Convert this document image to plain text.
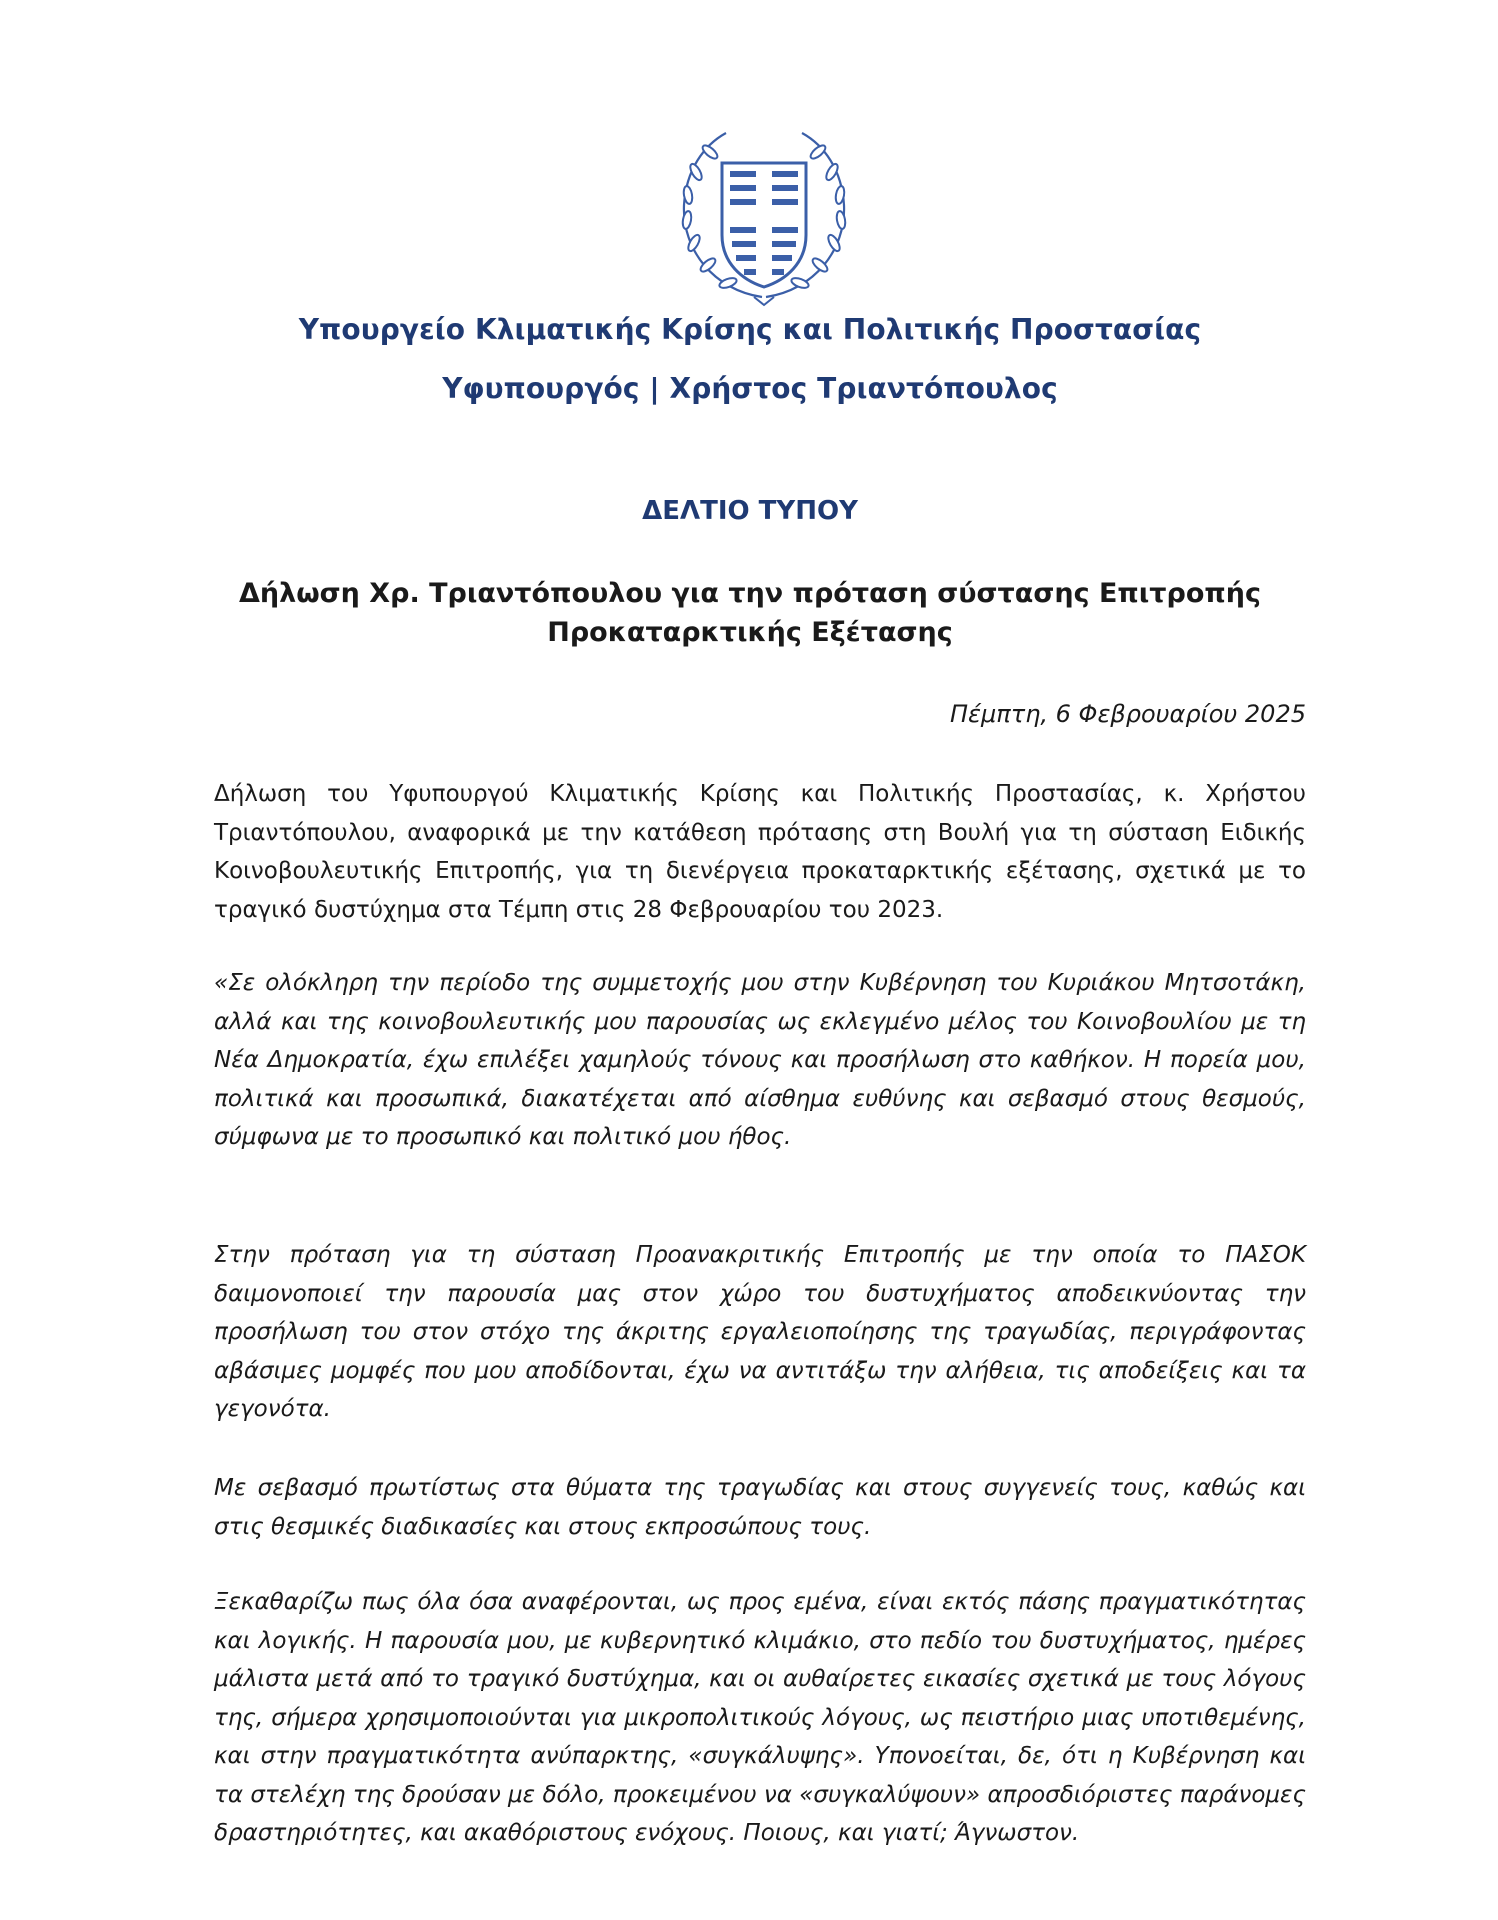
Υπουργείο Κλιματικής Κρίσης και Πολιτικής Προστασίας
Υφυπουργός | Χρήστος Τριαντόπουλος
ΔΕΛΤΙΟ ΤΥΠΟΥ
Δήλωση Χρ. Τριαντόπουλου για την πρόταση σύστασης Επιτροπής
Προκαταρκτικής Εξέτασης
Πέμπτη, 6 Φεβρουαρίου 2025
Δήλωση του Υφυπουργού Κλιματικής Κρίσης και Πολιτικής Προστασίας, κ. Χρήστου Τριαντόπουλου, αναφορικά με την κατάθεση πρότασης στη Βουλή για τη σύσταση Ειδικής Κοινοβουλευτικής Επιτροπής, για τη διενέργεια προκαταρκτικής εξέτασης, σχετικά με το τραγικό δυστύχημα στα Τέμπη στις 28 Φεβρουαρίου του 2023.
«Σε ολόκληρη την περίοδο της συμμετοχής μου στην Κυβέρνηση του Κυριάκου Μητσοτάκη, αλλά και της κοινοβουλευτικής μου παρουσίας ως εκλεγμένο μέλος του Κοινοβουλίου με τη Νέα Δημοκρατία, έχω επιλέξει χαμηλούς τόνους και προσήλωση στο καθήκον. Η πορεία μου, πολιτικά και προσωπικά, διακατέχεται από αίσθημα ευθύνης και σεβασμό στους θεσμούς, σύμφωνα με το προσωπικό και πολιτικό μου ήθος.
Στην πρόταση για τη σύσταση Προανακριτικής Επιτροπής με την οποία το ΠΑΣΟΚ δαιμονοποιεί την παρουσία μας στον χώρο του δυστυχήματος αποδεικνύοντας την προσήλωση του στον στόχο της άκριτης εργαλειοποίησης της τραγωδίας, περιγράφοντας αβάσιμες μομφές που μου αποδίδονται, έχω να αντιτάξω την αλήθεια, τις αποδείξεις και τα γεγονότα.
Με σεβασμό πρωτίστως στα θύματα της τραγωδίας και στους συγγενείς τους, καθώς και στις θεσμικές διαδικασίες και στους εκπροσώπους τους.
Ξεκαθαρίζω πως όλα όσα αναφέρονται, ως προς εμένα, είναι εκτός πάσης πραγματικότητας και λογικής. Η παρουσία μου, με κυβερνητικό κλιμάκιο, στο πεδίο του δυστυχήματος, ημέρες μάλιστα μετά από το τραγικό δυστύχημα, και οι αυθαίρετες εικασίες σχετικά με τους λόγους της, σήμερα χρησιμοποιούνται για μικροπολιτικούς λόγους, ως πειστήριο μιας υποτιθεμένης, και στην πραγματικότητα ανύπαρκτης, «συγκάλυψης». Υπονοείται, δε, ότι η Κυβέρνηση και τα στελέχη της δρούσαν με δόλο, προκειμένου να «συγκαλύψουν» απροσδιόριστες παράνομες δραστηριότητες, και ακαθόριστους ενόχους. Ποιους, και γιατί; Άγνωστον.
